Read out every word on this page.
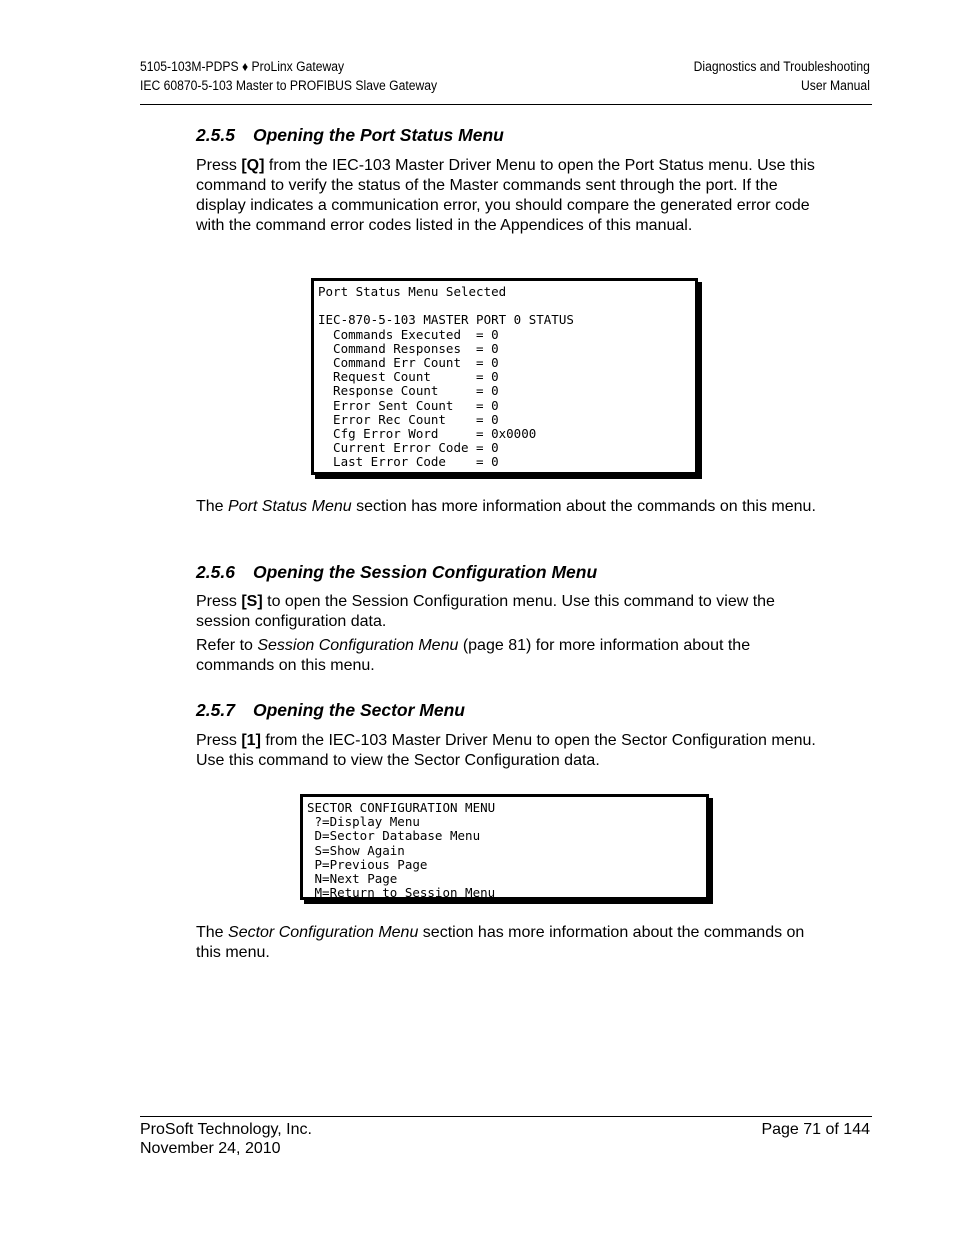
5105-103M-PDPS ♦ ProLinx Gateway
IEC 60870-5-103 Master to PROFIBUS Slave Gateway
Diagnostics and Troubleshooting
User Manual
2.5.5 Opening the Port Status Menu

Press [Q] from the IEC-103 Master Driver Menu to open the Port Status menu. Use this command to verify the status of the Master commands sent through the port. If the display indicates a communication error, you should compare the generated error code with the command error codes listed in the Appendices of this manual.

Port Status Menu Selected
IEC-870-5-103 MASTER PORT 0 STATUS
Commands Executed  = 0
Command Responses  = 0
Command Err Count  = 0
Request Count      = 0
Response Count     = 0
Error Sent Count   = 0
Error Rec Count    = 0
Cfg Error Word     = 0x0000
Current Error Code = 0
Last Error Code    = 0

The Port Status Menu section has more information about the commands on this menu.

2.5.6 Opening the Session Configuration Menu

Press [S] to open the Session Configuration menu. Use this command to view the session configuration data.

Refer to Session Configuration Menu (page 81) for more information about the commands on this menu.

2.5.7 Opening the Sector Menu

Press [1] from the IEC-103 Master Driver Menu to open the Sector Configuration menu. Use this command to view the Sector Configuration data.

SECTOR CONFIGURATION MENU
?=Display Menu
D=Sector Database Menu
S=Show Again
P=Previous Page
N=Next Page
M=Return to Session Menu

The Sector Configuration Menu section has more information about the commands on this menu.

ProSoft Technology, Inc.
November 24, 2010
Page 71 of 144
